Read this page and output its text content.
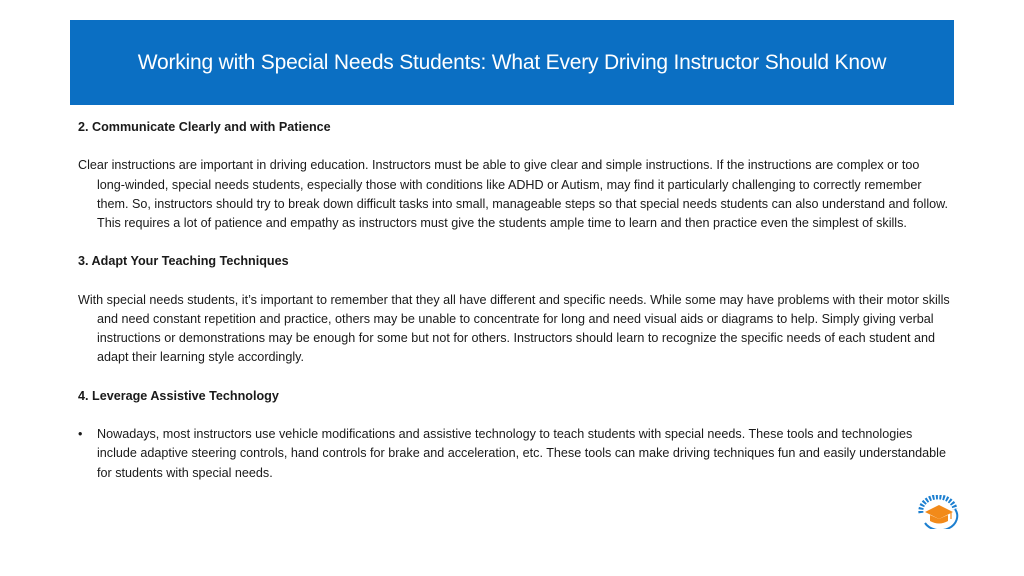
Working with Special Needs Students: What Every Driving Instructor Should Know

2. Communicate Clearly and with Patience

Clear instructions are important in driving education. Instructors must be able to give clear and simple instructions. If the instructions are complex or too long-winded, special needs students, especially those with conditions like ADHD or Autism, may find it particularly challenging to correctly remember them. So, instructors should try to break down difficult tasks into small, manageable steps so that special needs students can also understand and follow. This requires a lot of patience and empathy as instructors must give the students ample time to learn and then practice even the simplest of skills.

3. Adapt Your Teaching Techniques

With special needs students, it’s important to remember that they all have different and specific needs. While some may have problems with their motor skills and need constant repetition and practice, others may be unable to concentrate for long and need visual aids or diagrams to help. Simply giving verbal instructions or demonstrations may be enough for some but not for others. Instructors should learn to recognize the specific needs of each student and adapt their learning style accordingly.

4. Leverage Assistive Technology

•	Nowadays, most instructors use vehicle modifications and assistive technology to teach students with special needs. These tools and technologies include adaptive steering controls, hand controls for brake and acceleration, etc. These tools can make driving techniques fun and easily understandable for students with special needs.
